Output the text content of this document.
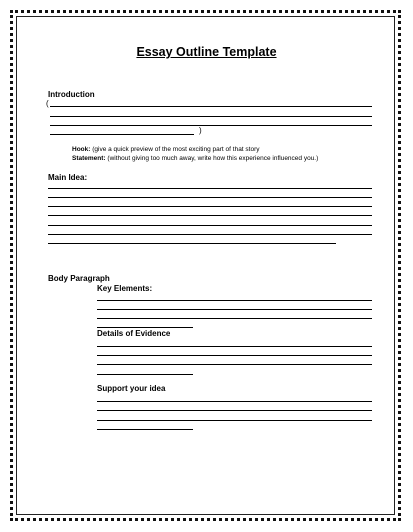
Essay Outline Template
Introduction
(
)
Hook: (give a quick preview of the most exciting part of that story
Statement: (without giving too much away, write how this experience influenced you.)
Main Idea:
Body Paragraph
Key Elements:
Details of Evidence
Support your idea
